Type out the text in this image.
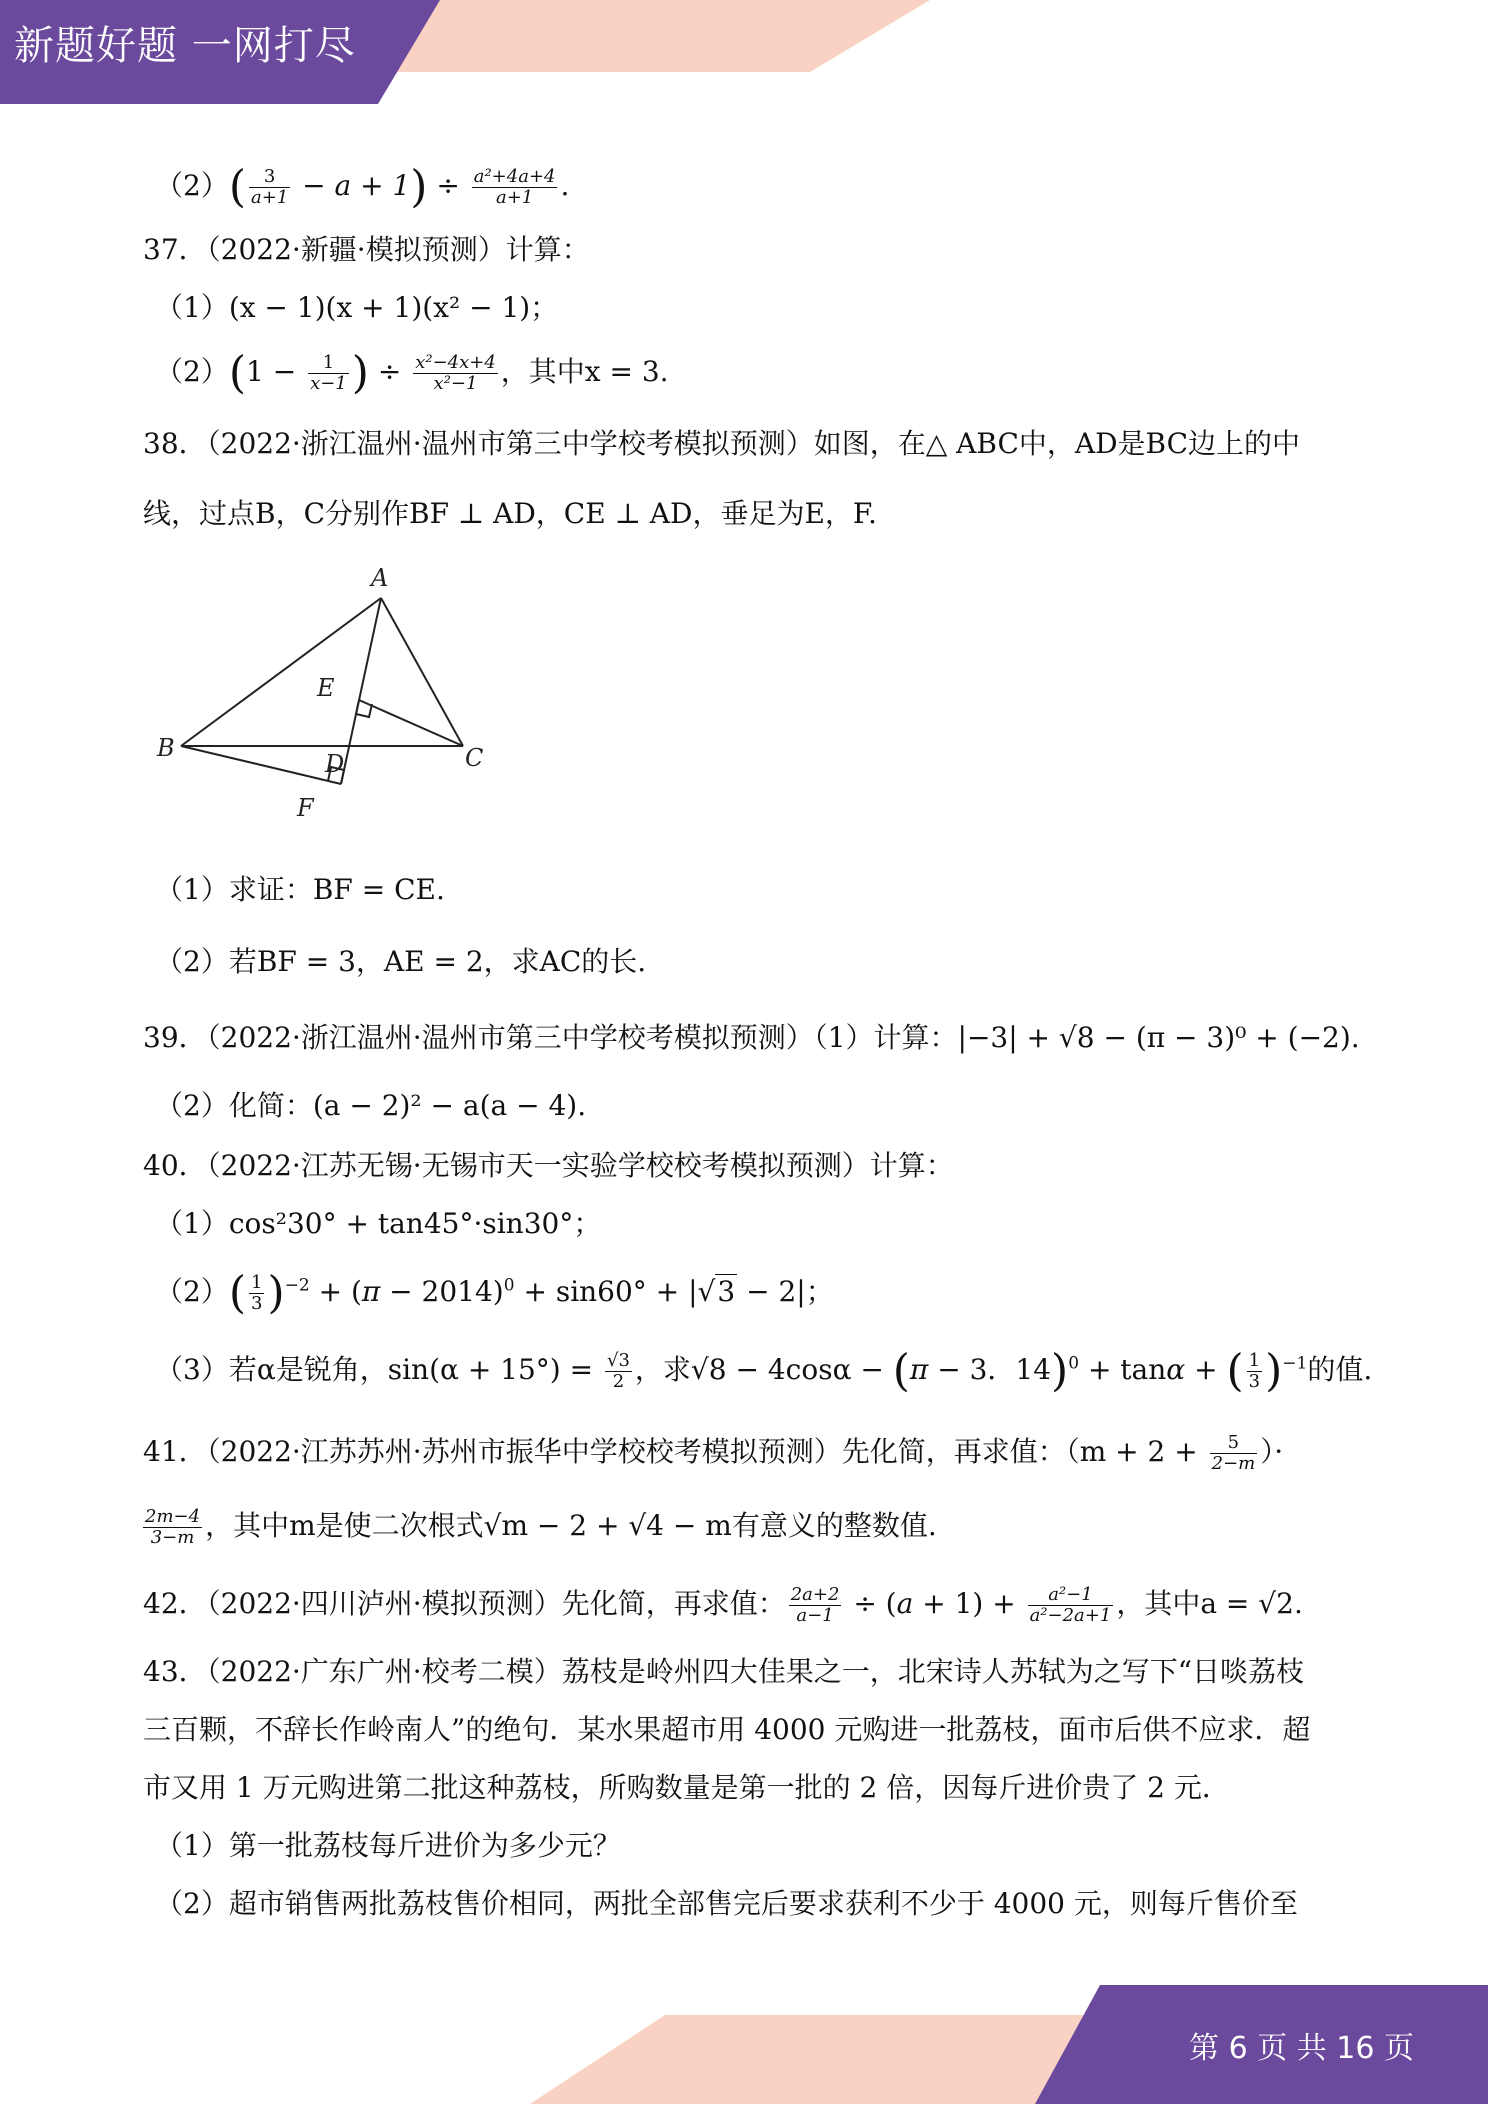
新题好题 一网打尽
第 6 页 共 16 页
$(2)( \frac{3}{a+1} - a + 1) \div \frac{\text{a²+4a+4}}{a+1}$ .
37．（2022·新疆·模拟预测）计算：
（1）(x − 1)(x + 1)(x² − 1)；
$(2)(1 - \frac{1}{x-1}$ ) ÷ $\frac{\text{x²−4x+4}}{\text{x²−1}}$ ，其中x = 3.
38．（2022·浙江温州·温州市第三中学校考模拟预测）如图，在△ ABC中，AD是BC边上的中
线，过点B，C分别作BF ⊥ AD，CE ⊥ AD，垂足为E，F.
A
B	C
D
E
F
（1）求证：BF = CE.
（2）若BF = 3，AE = 2，求AC的长.
39．（2022·浙江温州·温州市第三中学校考模拟预测）（1）计算：|−3| + √8 − (π − 3)⁰ + (−2).
（2）化简：(a − 2)² − a(a − 4).
40．（2022·江苏无锡·无锡市天一实验学校校考模拟预测）计算：
（1）cos²30° + tan45°·sin30°；
$(2)( \frac{1}{3} )^{-2} + (\pi - 2014)^0 + \sin 60^\circ + |√3 - 2|$；
（3）若α是锐角，$\sin(\alpha + 15^\circ) = \frac{√3}{2}$ ，求√8 − 4cosα − (π − 3．14)$^0$ + tanα + ( $\frac{1}{3} )^{-1}$的值.
41．（2022·江苏苏州·苏州市振华中学校校考模拟预测）先化简，再求值：（$m + 2 + \frac{5}{2-m}$ ）·
$\frac{2m-4}{3-m}$ ，其中m是使二次根式√m − 2 + √4 − m有意义的整数值.
42．（2022·四川泸州·模拟预测）先化简，再求值： $\frac{2a+2}{a-1} \div (a + 1) + \frac{\text{a²−1}}{\text{a²−2a+1}}$ ，其中a = √2.
43．（2022·广东广州·校考二模）荔枝是岭州四大佳果之一，北宋诗人苏轼为之写下“日啖荔枝
三百颗，不辞长作岭南人”的绝句．某水果超市用 4000 元购进一批荔枝，面市后供不应求．超
市又用 1 万元购进第二批这种荔枝，所购数量是第一批的 2 倍，因每斤进价贵了 2 元．
（1）第一批荔枝每斤进价为多少元？
（2）超市销售两批荔枝售价相同，两批全部售完后要求获利不少于 4000 元，则每斤售价至
